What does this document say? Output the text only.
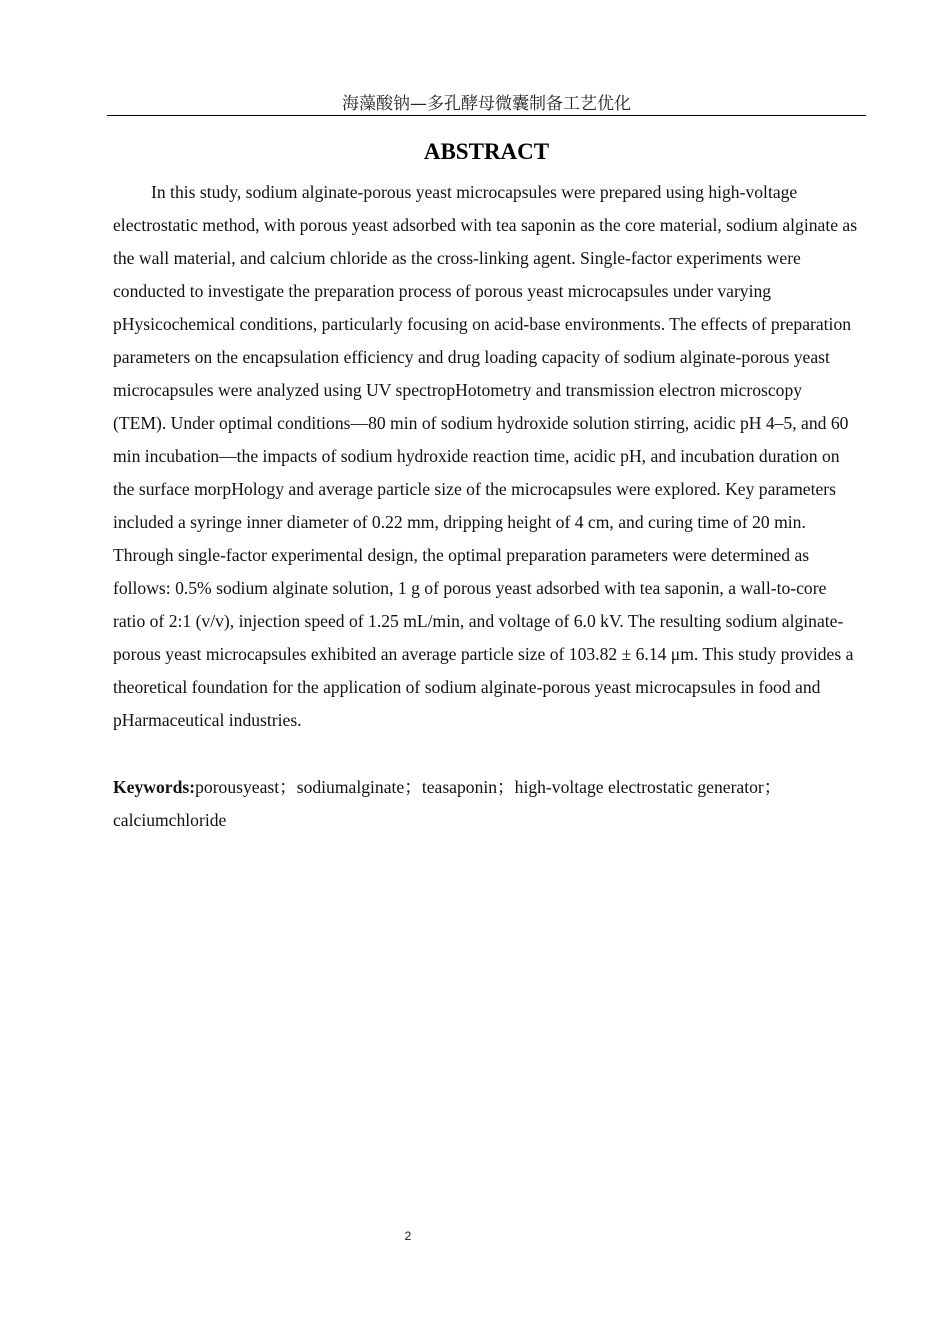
海藻酸钠—多孔酵母微囊制备工艺优化
ABSTRACT

In this study, sodium alginate-porous yeast microcapsules were prepared using high-voltage electrostatic method, with porous yeast adsorbed with tea saponin as the core material, sodium alginate as the wall material, and calcium chloride as the cross-linking agent. Single-factor experiments were conducted to investigate the preparation process of porous yeast microcapsules under varying pHysicochemical conditions, particularly focusing on acid-base environments. The effects of preparation parameters on the encapsulation efficiency and drug loading capacity of sodium alginate-porous yeast microcapsules were analyzed using UV spectropHotometry and transmission electron microscopy (TEM). Under optimal conditions—80 min of sodium hydroxide solution stirring, acidic pH 4–5, and 60 min incubation—the impacts of sodium hydroxide reaction time, acidic pH, and incubation duration on the surface morpHology and average particle size of the microcapsules were explored. Key parameters included a syringe inner diameter of 0.22 mm, dripping height of 4 cm, and curing time of 20 min. Through single-factor experimental design, the optimal preparation parameters were determined as follows: 0.5% sodium alginate solution, 1 g of porous yeast adsorbed with tea saponin, a wall-to-core ratio of 2:1 (v/v), injection speed of 1.25 mL/min, and voltage of 6.0 kV. The resulting sodium alginate-porous yeast microcapsules exhibited an average particle size of 103.82 ± 6.14 μm. This study provides a theoretical foundation for the application of sodium alginate-porous yeast microcapsules in food and pHarmaceutical industries.

Keywords:porousyeast；sodiumalginate；teasaponin；high-voltage electrostatic generator；calciumchloride

2
